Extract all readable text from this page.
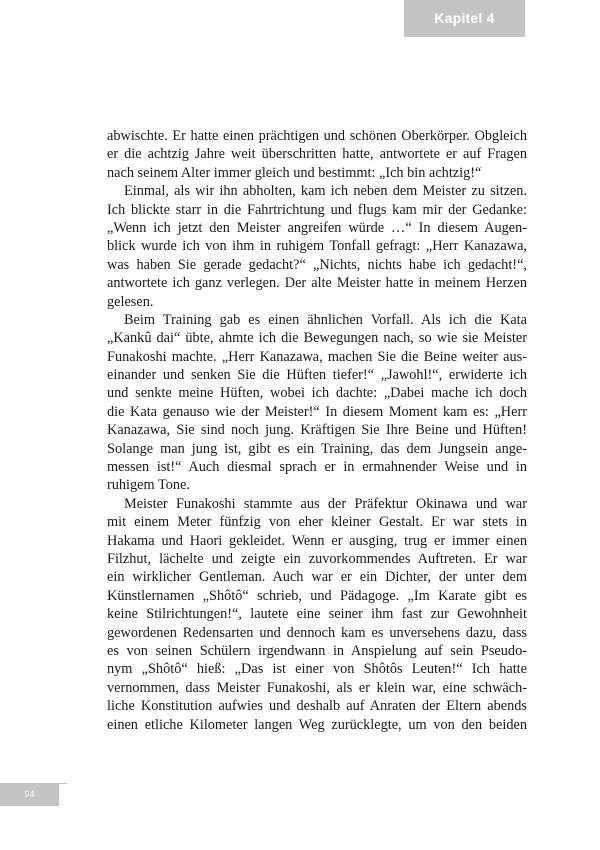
Kapitel 4
abwischte. Er hatte einen prächtigen und schönen Oberkörper. Obgleich
er die achtzig Jahre weit überschritten hatte, antwortete er auf Fragen
nach seinem Alter immer gleich und bestimmt: „Ich bin achtzig!“
Einmal, als wir ihn abholten, kam ich neben dem Meister zu sitzen.
Ich blickte starr in die Fahrtrichtung und flugs kam mir der Gedanke:
„Wenn ich jetzt den Meister angreifen würde …“ In diesem Augen-
blick wurde ich von ihm in ruhigem Tonfall gefragt: „Herr Kanazawa,
was haben Sie gerade gedacht?“ „Nichts, nichts habe ich gedacht!“,
antwortete ich ganz verlegen. Der alte Meister hatte in meinem Herzen
gelesen.
Beim Training gab es einen ähnlichen Vorfall. Als ich die Kata
„Kankû dai“ übte, ahmte ich die Bewegungen nach, so wie sie Meister
Funakoshi machte. „Herr Kanazawa, machen Sie die Beine weiter aus-
einander und senken Sie die Hüften tiefer!“ „Jawohl!“, erwiderte ich
und senkte meine Hüften, wobei ich dachte: „Dabei mache ich doch
die Kata genauso wie der Meister!“ In diesem Moment kam es: „Herr
Kanazawa, Sie sind noch jung. Kräftigen Sie Ihre Beine und Hüften!
Solange man jung ist, gibt es ein Training, das dem Jungsein ange-
messen ist!“ Auch diesmal sprach er in ermahnender Weise und in
ruhigem Tone.
Meister Funakoshi stammte aus der Präfektur Okinawa und war
mit einem Meter fünfzig von eher kleiner Gestalt. Er war stets in
Hakama und Haori gekleidet. Wenn er ausging, trug er immer einen
Filzhut, lächelte und zeigte ein zuvorkommendes Auftreten. Er war
ein wirklicher Gentleman. Auch war er ein Dichter, der unter dem
Künstlernamen „Shôtô“ schrieb, und Pädagoge. „Im Karate gibt es
keine Stilrichtungen!“, lautete eine seiner ihm fast zur Gewohnheit
gewordenen Redensarten und dennoch kam es unversehens dazu, dass
es von seinen Schülern irgendwann in Anspielung auf sein Pseudo-
nym „Shôtô“ hieß: „Das ist einer von Shôtôs Leuten!“ Ich hatte
vernommen, dass Meister Funakoshi, als er klein war, eine schwäch-
liche Konstitution aufwies und deshalb auf Anraten der Eltern abends
einen etliche Kilometer langen Weg zurücklegte, um von den beiden
94
